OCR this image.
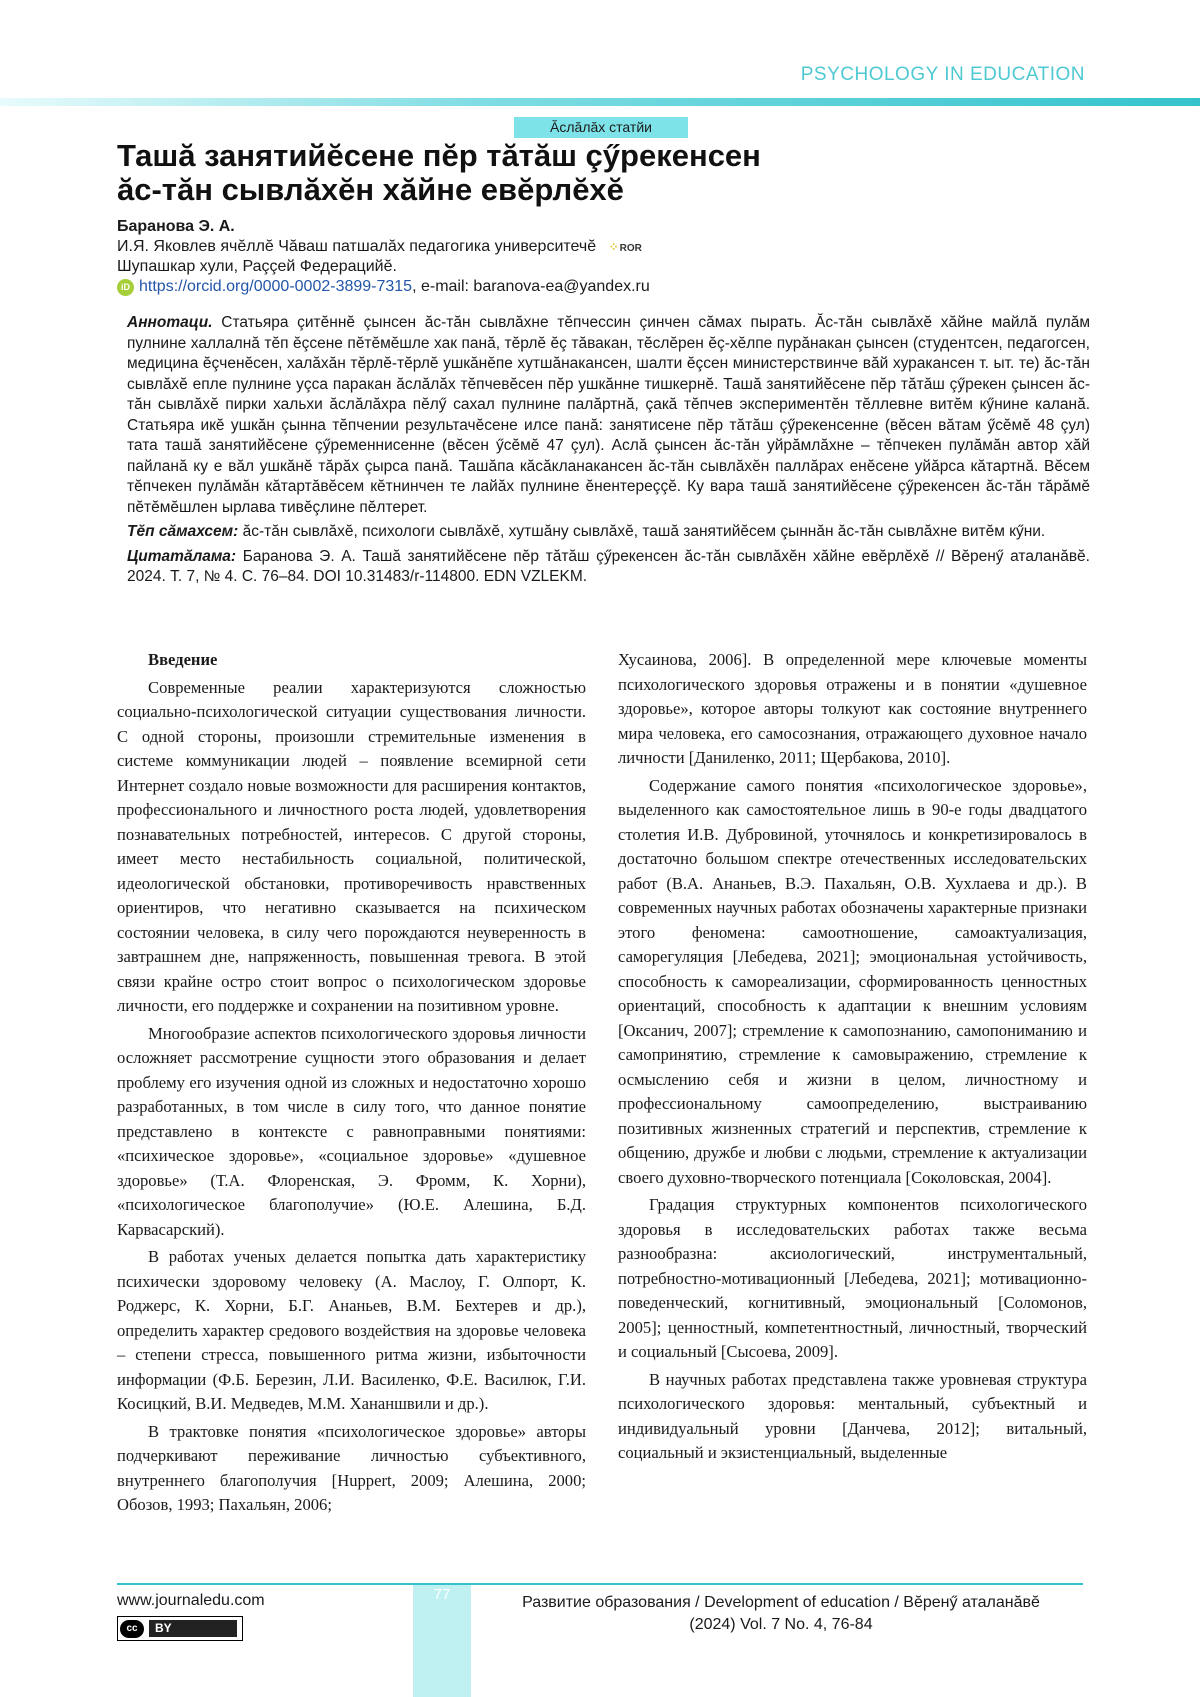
PSYCHOLOGY IN EDUCATION
Ăслăлăх статйи
Ташă занятийĕсене пĕр тăтăш çӳрекенсен
ăс-тăн сывлăхĕн хăйне евĕрлĕхĕ
Баранова Э. А.
И.Я. Яковлев ячĕллĕ Чăваш патшалăх педагогика университечĕ ⁘ROR
Шупашкар хули, Раççей Федерацийĕ.
iD https://orcid.org/0000-0002-3899-7315 , e-mail: baranova-ea@yandex.ru

Аннотаци. Статьяра çитĕннĕ çынсен ăс-тăн сывлăхне тĕпчессин çинчен сăмах пырать. Ăс-тăн сывлăхĕ хăйне майлă пулăм пулнине халлалнă тĕп ĕçсене пĕтĕмĕшле хак панă, тĕрлĕ ĕç тăвакан, тĕслĕрен ĕç-хĕлпе пурăнакан çынсен (студентсен, педагогсен, медицина ĕçченĕсен, халăхăн тĕрлĕ-тĕрлĕ ушкăнĕпе хутшăнакансен, шалти ĕçсен министерствинче вăй хуракансен т. ыт. те) ăс-тăн сывлăхĕ епле пулнине уçса паракан ăслăлăх тĕпчевĕсен пĕр ушкăнне тишкернĕ. Ташă занятийĕсене пĕр тăтăш çӳрекен çынсен ăс-тăн сывлăхĕ пирки хальхи ăслăлăхра пĕлӳ сахал пулнине палăртнă, çакă тĕпчев экспериментĕн тĕллевне витĕм кӳнине каланă. Статьяра икĕ ушкăн çынна тĕпчении результачĕсене илсе панă: занятисене пĕр тăтăш çӳрекенсенне (вĕсен вăтам ӳсĕмĕ 48 çул) тата ташă занятийĕсене çӳременнисенне (вĕсен ӳсĕмĕ 47 çул). Аслă çынсен ăс-тăн уйрăмлăхне – тĕпчекен пулăмăн автор хăй пайланă ку е вăл ушкăнĕ тăрăх çырса панă. Ташăпа кăсăкланакансен ăс-тăн сывлăхĕн паллăрах енĕсене уйăрса кăтартнă. Вĕсем тĕпчекен пулăмăн кăтартăвĕсем кĕтнинчен те лайăх пулнине ĕнентереççĕ. Ку вара ташă занятийĕсене çӳрекенсен ăс-тăн тăрăмĕ пĕтĕмĕшлен ырлава тивĕçлине пĕлтерет.

Тĕп сăмахсем: ăс-тăн сывлăхĕ, психологи сывлăхĕ, хутшăну сывлăхĕ, ташă занятийĕсем çыннăн ăс-тăн сывлăхне витĕм кӳни.

Цитатăлама: Баранова Э. А. Ташă занятийĕсене пĕр тăтăш çӳрекенсен ăс-тăн сывлăхĕн хăйне евĕрлĕхĕ // Вĕренӳ аталанăвĕ. 2024. Т. 7, № 4. С. 76–84. DOI 10.31483/r-114800. EDN VZLEKM.

Введение

Современные реалии характеризуются сложностью социально-психологической ситуации существования личности. С одной стороны, произошли стремительные изменения в системе коммуникации людей – появление всемирной сети Интернет создало новые возможности для расширения контактов, профессионального и личностного роста людей, удовлетворения познавательных потребностей, интересов. С другой стороны, имеет место нестабильность социальной, политической, идеологической обстановки, противоречивость нравственных ориентиров, что негативно сказывается на психическом состоянии человека, в силу чего порождаются неуверенность в завтрашнем дне, напряженность, повышенная тревога. В этой связи крайне остро стоит вопрос о психологическом здоровье личности, его поддержке и сохранении на позитивном уровне.

Многообразие аспектов психологического здоровья личности осложняет рассмотрение сущности этого образования и делает проблему его изучения одной из сложных и недостаточно хорошо разработанных, в том числе в силу того, что данное понятие представлено в контексте с равноправными понятиями: «психическое здоровье», «социальное здоровье» «душевное здоровье» (Т.А. Флоренская, Э. Фромм, К. Хорни), «психологическое благополучие» (Ю.Е. Алешина, Б.Д. Карвасарский).

В работах ученых делается попытка дать характеристику психически здоровому человеку (А. Маслоу, Г. Олпорт, К. Роджерс, К. Хорни, Б.Г. Ананьев, В.М. Бехтерев и др.), определить характер средового воздействия на здоровье человека – степени стресса, повышенного ритма жизни, избыточности информации (Ф.Б. Березин, Л.И. Василенко, Ф.Е. Василюк, Г.И. Косицкий, В.И. Медведев, М.М. Хананшвили и др.).

В трактовке понятия «психологическое здоровье» авторы подчеркивают переживание личностью субъективного, внутреннего благополучия [Huppert, 2009; Алешина, 2000; Обозов, 1993; Пахальян, 2006;

Хусаинова, 2006]. В определенной мере ключевые моменты психологического здоровья отражены и в понятии «душевное здоровье», которое авторы толкуют как состояние внутреннего мира человека, его самосознания, отражающего духовное начало личности [Даниленко, 2011; Щербакова, 2010].

Содержание самого понятия «психологическое здоровье», выделенного как самостоятельное лишь в 90-е годы двадцатого столетия И.В. Дубровиной, уточнялось и конкретизировалось в достаточно большом спектре отечественных исследовательских работ (В.А. Ананьев, В.Э. Пахальян, О.В. Хухлаева и др.). В современных научных работах обозначены характерные признаки этого феномена: самоотношение, самоактуализация, саморегуляция [Лебедева, 2021]; эмоциональная устойчивость, способность к самореализации, сформированность ценностных ориентаций, способность к адаптации к внешним условиям [Оксанич, 2007]; стремление к самопознанию, самопониманию и самопринятию, стремление к самовыражению, стремление к осмыслению себя и жизни в целом, личностному и профессиональному самоопределению, выстраиванию позитивных жизненных стратегий и перспектив, стремление к общению, дружбе и любви с людьми, стремление к актуализации своего духовно-творческого потенциала [Соколовская, 2004].

Градация структурных компонентов психологического здоровья в исследовательских работах также весьма разнообразна: аксиологический, инструментальный, потребностно-мотивационный [Лебедева, 2021]; мотивационно-поведенческий, когнитивный, эмоциональный [Соломонов, 2005]; ценностный, компетентностный, личностный, творческий и социальный [Сысоева, 2009].

В научных работах представлена также уровневая структура психологического здоровья: ментальный, субъектный и индивидуальный уровни [Данчева, 2012]; витальный, социальный и экзистенциальный, выделенные

77
www.journaledu.com
cc	BY
Развитие образования / Development of education / Вĕренӳ аталанăвĕ
(2024) Vol. 7 No. 4, 76-84
